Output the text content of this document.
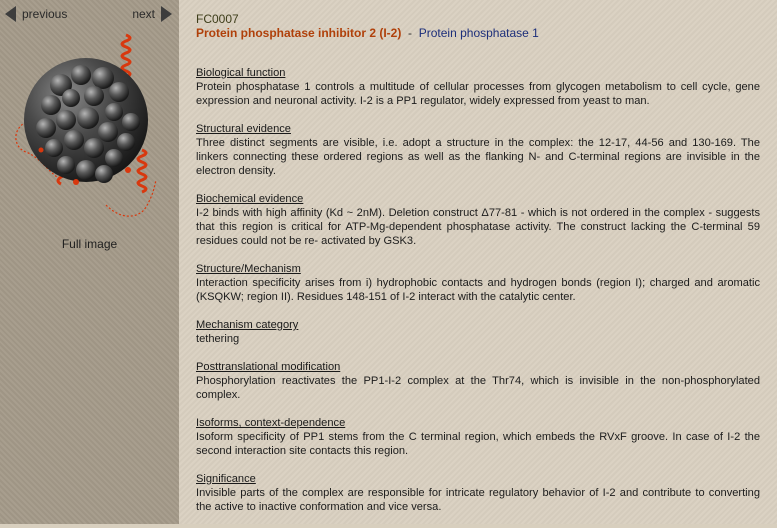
previous	next
Full image
FC0007
Protein phosphatase inhibitor 2 (I-2) - Protein phosphatase 1
Biological function
Protein phosphatase 1 controls a multitude of cellular processes from glycogen metabolism to cell cycle, gene expression and neuronal activity. I-2 is a PP1 regulator, widely expressed from yeast to man.
Structural evidence
Three distinct segments are visible, i.e. adopt a structure in the complex: the 12-17, 44-56 and 130-169. The linkers connecting these ordered regions as well as the flanking N- and C-terminal regions are invisible in the electron density.
Biochemical evidence
I-2 binds with high affinity (Kd ~ 2nM). Deletion construct Δ77-81 - which is not ordered in the complex - suggests that this region is critical for ATP-Mg-dependent phosphatase activity. The construct lacking the C-terminal 59 residues could not be re- activated by GSK3.
Structure/Mechanism
Interaction specificity arises from i) hydrophobic contacts and hydrogen bonds (region I); charged and aromatic (KSQKW; region II). Residues 148-151 of I-2 interact with the catalytic center.
Mechanism category
tethering
Posttranslational modification
Phosphorylation reactivates the PP1-I-2 complex at the Thr74, which is invisible in the non-phosphorylated complex.
Isoforms, context-dependence
Isoform specificity of PP1 stems from the C terminal region, which embeds the RVxF groove. In case of I-2 the second interaction site contacts this region.
Significance
Invisible parts of the complex are responsible for intricate regulatory behavior of I-2 and contribute to converting the active to inactive conformation and vice versa.
